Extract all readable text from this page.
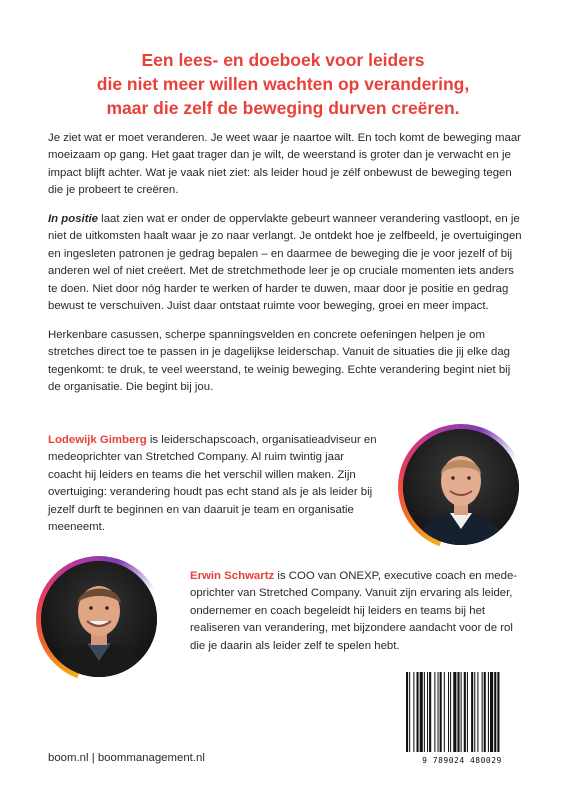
Een lees- en doeboek voor leiders
die niet meer willen wachten op verandering,
maar die zelf de beweging durven creëren.

Je ziet wat er moet veranderen. Je weet waar je naartoe wilt. En toch komt de beweging maar moeizaam op gang. Het gaat trager dan je wilt, de weerstand is groter dan je verwacht en je impact blijft achter. Wat je vaak niet ziet: als leider houd je zélf onbewust de beweging tegen die je probeert te creëren.

In positie laat zien wat er onder de oppervlakte gebeurt wanneer verandering vastloopt, en je niet de uitkomsten haalt waar je zo naar verlangt. Je ontdekt hoe je zelfbeeld, je overtuigingen en ingesleten patronen je gedrag bepalen – en daarmee de beweging die je voor jezelf of bij anderen wel of niet creëert. Met de stretchmethode leer je op cruciale momenten iets anders te doen. Niet door nóg harder te werken of harder te duwen, maar door je positie en gedrag bewust te verschuiven. Juist daar ontstaat ruimte voor beweging, groei en meer impact.

Herkenbare casussen, scherpe spanningsvelden en concrete oefeningen helpen je om stretches direct toe te passen in je dagelijkse leiderschap. Vanuit de situaties die jij elke dag tegenkomt: te druk, te veel weerstand, te weinig beweging. Echte verandering begint niet bij de organisatie. Die begint bij jou.

Lodewijk Gimberg is leiderschapscoach, organisatieadviseur en medeoprichter van Stretched Company. Al ruim twintig jaar coacht hij leiders en teams die het verschil willen maken. Zijn overtuiging: verandering houdt pas echt stand als je als leider bij jezelf durft te beginnen en van daaruit je team en organisatie meeneemt.

Erwin Schwartz is COO van ONEXP, executive coach en mede-oprichter van Stretched Company. Vanuit zijn ervaring als leider, ondernemer en coach begeleidt hij leiders en teams bij het realiseren van verandering, met bijzondere aandacht voor de rol die je daarin als leider zelf te spelen hebt.

boom.nl | boommanagement.nl	9 789024 480029
